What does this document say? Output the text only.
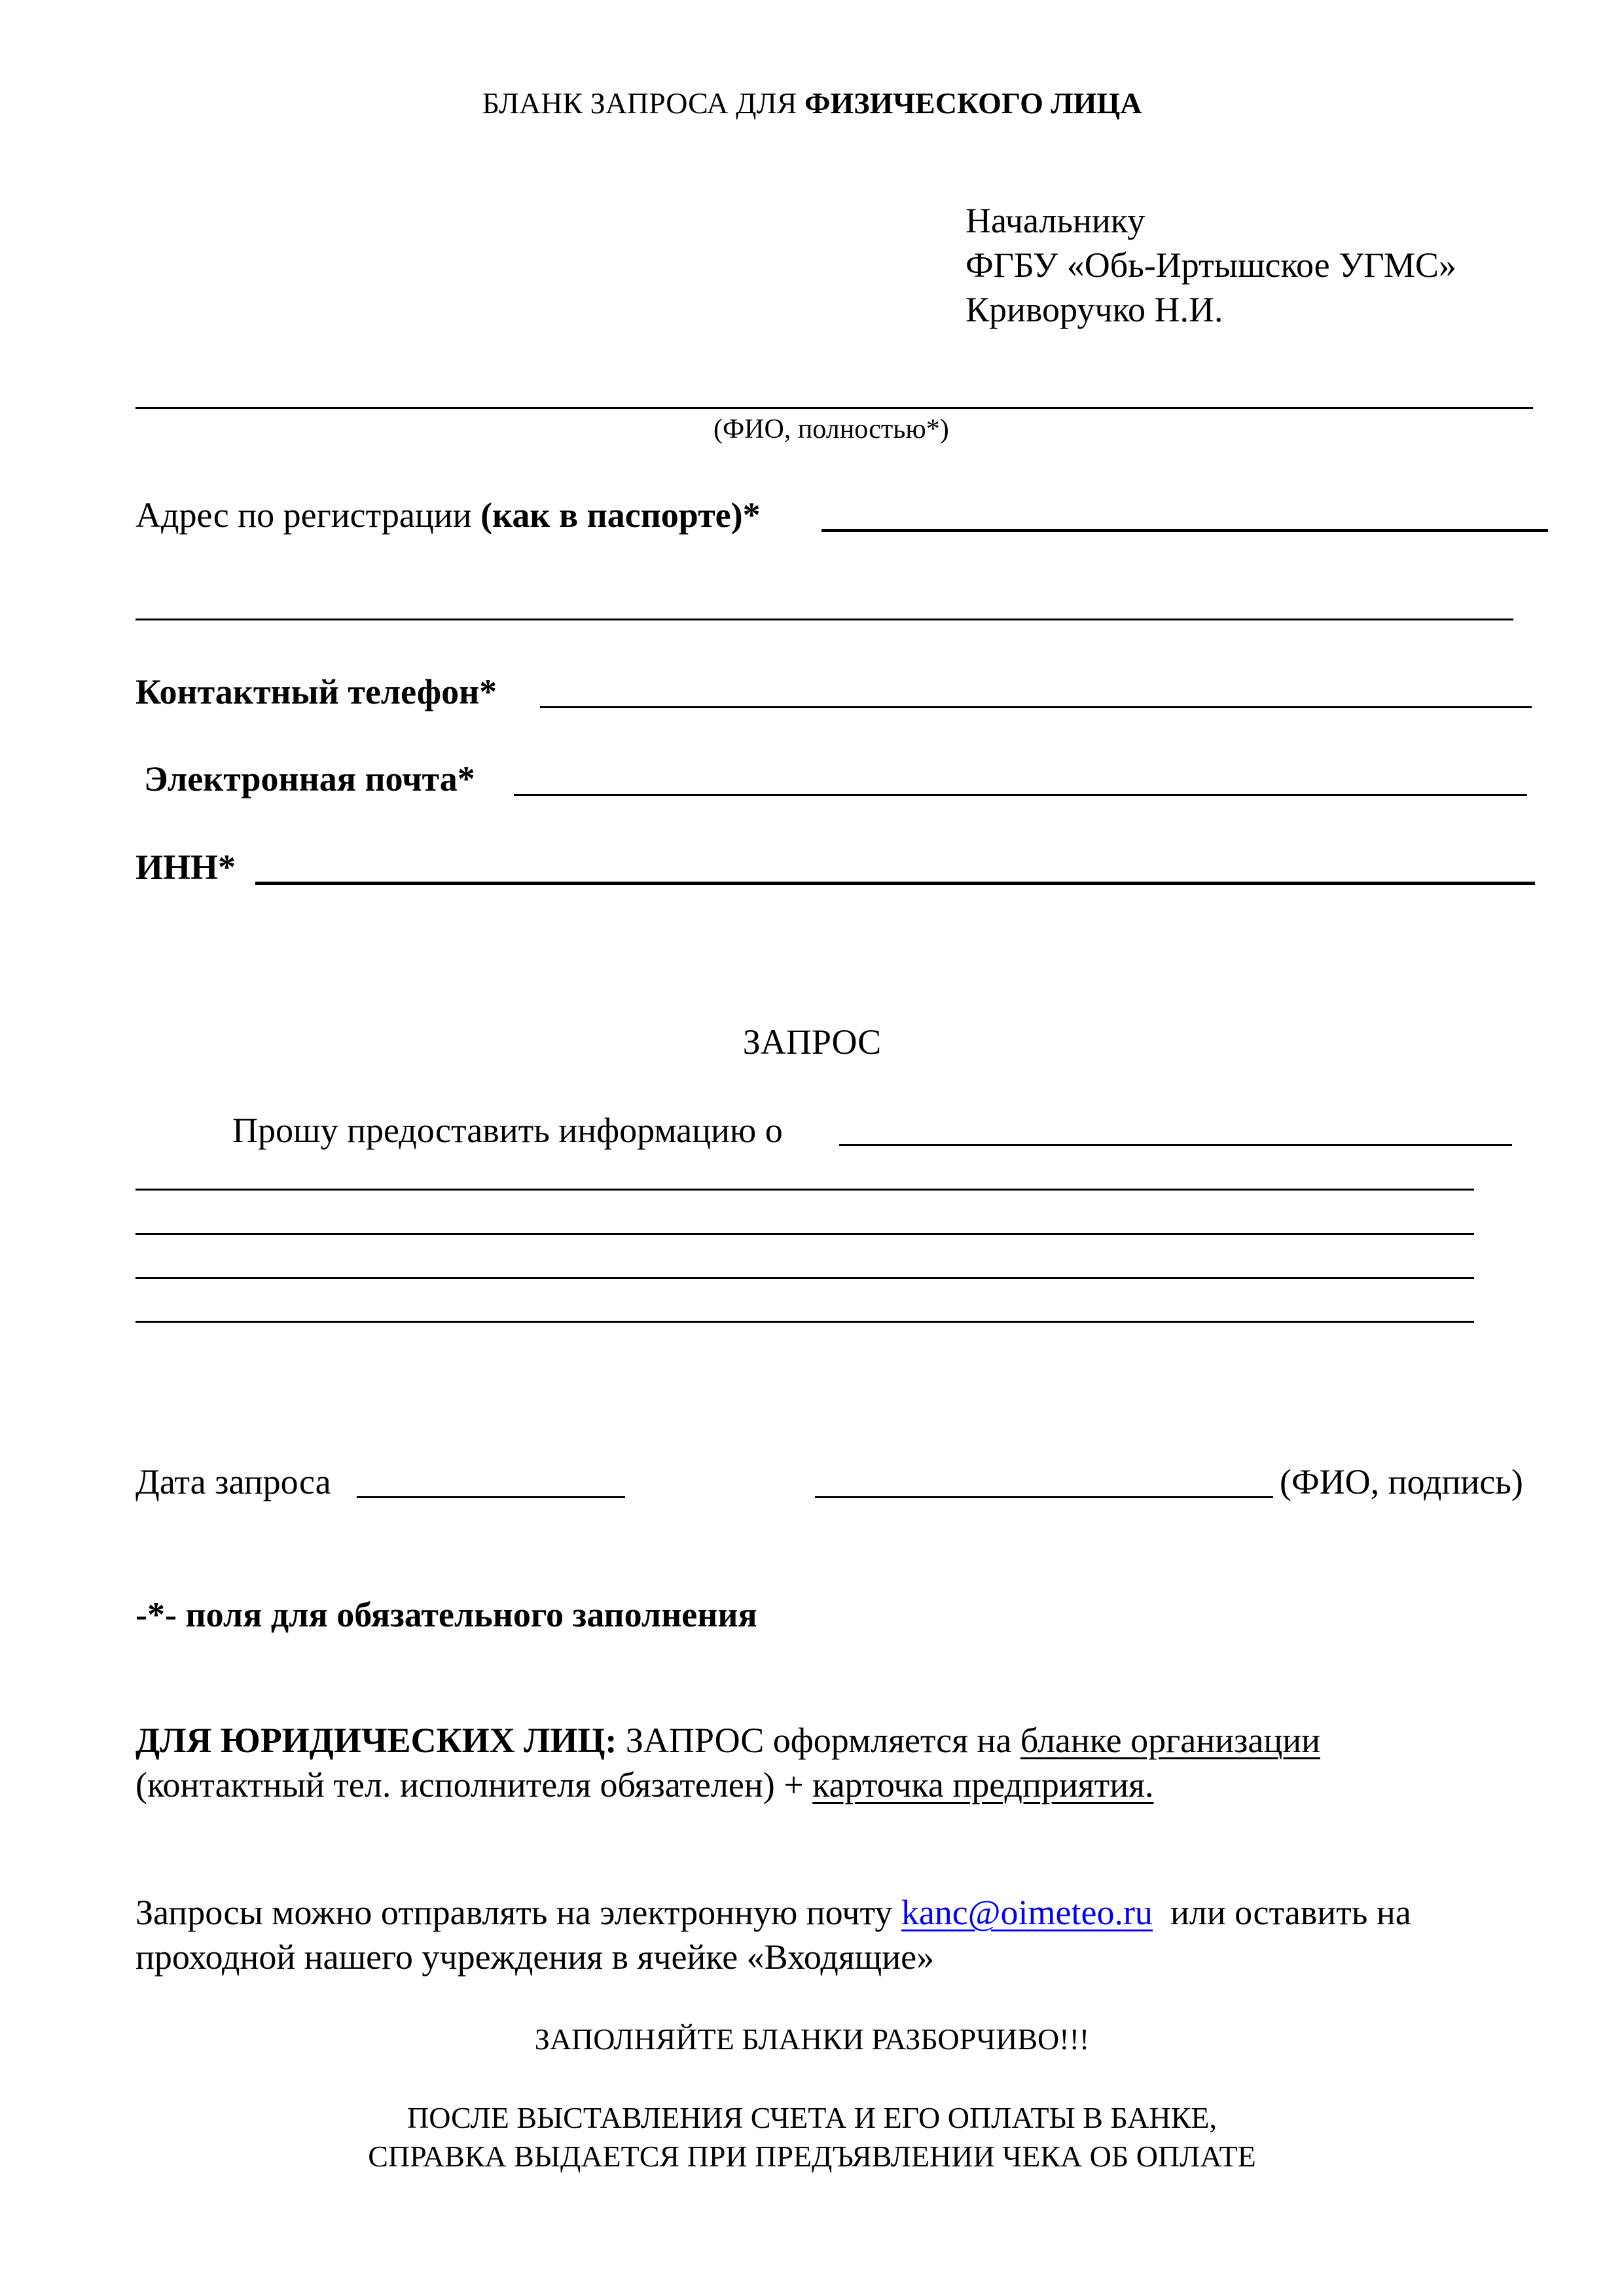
БЛАНК ЗАПРОСА ДЛЯ ФИЗИЧЕСКОГО ЛИЦА
Начальнику
ФГБУ «Обь-Иртышское УГМС»
Криворучко Н.И.
(ФИО, полностью*)
Адрес по регистрации (как в паспорте)*
Контактный телефон*
Электронная почта*
ИНН*
ЗАПРОС
Прошу предоставить информацию о
Дата запроса	(ФИО, подпись)
-*- поля для обязательного заполнения
ДЛЯ ЮРИДИЧЕСКИХ ЛИЦ: ЗАПРОС оформляется на бланке организации
(контактный тел. исполнителя обязателен) + карточка предприятия.
Запросы можно отправлять на электронную почту kanc@oimeteo.ru  или оставить на
проходной нашего учреждения в ячейке «Входящие»
ЗАПОЛНЯЙТЕ БЛАНКИ РАЗБОРЧИВО!!!
ПОСЛЕ ВЫСТАВЛЕНИЯ СЧЕТА И ЕГО ОПЛАТЫ В БАНКЕ,
СПРАВКА ВЫДАЕТСЯ ПРИ ПРЕДЪЯВЛЕНИИ ЧЕКА ОБ ОПЛАТЕ
